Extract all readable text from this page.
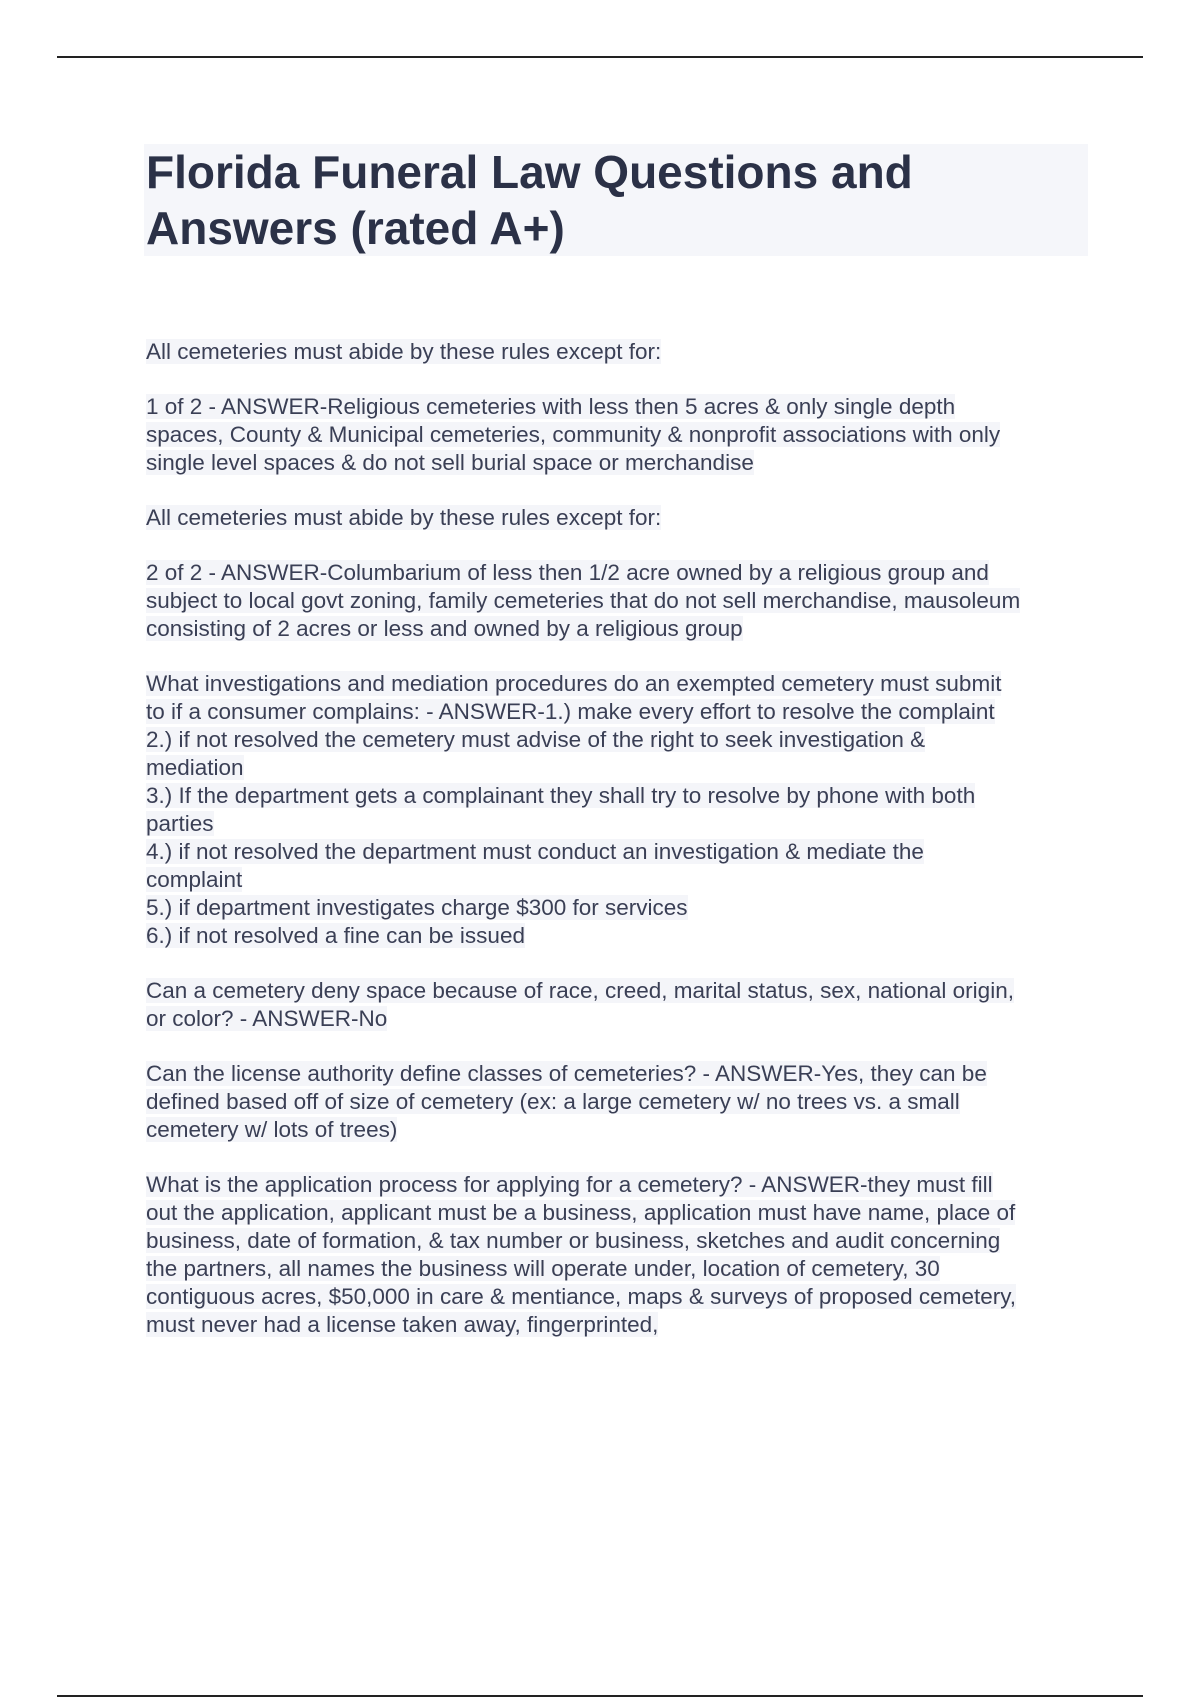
Florida Funeral Law Questions and
Answers (rated A+)
All cemeteries must abide by these rules except for:
1 of 2 - ANSWER-Religious cemeteries with less then 5 acres & only single depth
spaces, County & Municipal cemeteries, community & nonprofit associations with only
single level spaces & do not sell burial space or merchandise
All cemeteries must abide by these rules except for:
2 of 2 - ANSWER-Columbarium of less then 1/2 acre owned by a religious group and
subject to local govt zoning, family cemeteries that do not sell merchandise, mausoleum
consisting of 2 acres or less and owned by a religious group
What investigations and mediation procedures do an exempted cemetery must submit
to if a consumer complains: - ANSWER-1.) make every effort to resolve the complaint
2.) if not resolved the cemetery must advise of the right to seek investigation &
mediation
3.) If the department gets a complainant they shall try to resolve by phone with both
parties
4.) if not resolved the department must conduct an investigation & mediate the
complaint
5.) if department investigates charge $300 for services
6.) if not resolved a fine can be issued
Can a cemetery deny space because of race, creed, marital status, sex, national origin,
or color? - ANSWER-No
Can the license authority define classes of cemeteries? - ANSWER-Yes, they can be
defined based off of size of cemetery (ex: a large cemetery w/ no trees vs. a small
cemetery w/ lots of trees)
What is the application process for applying for a cemetery? - ANSWER-they must fill
out the application, applicant must be a business, application must have name, place of
business, date of formation, & tax number or business, sketches and audit concerning
the partners, all names the business will operate under, location of cemetery, 30
contiguous acres, $50,000 in care & mentiance, maps & surveys of proposed cemetery,
must never had a license taken away, fingerprinted,
